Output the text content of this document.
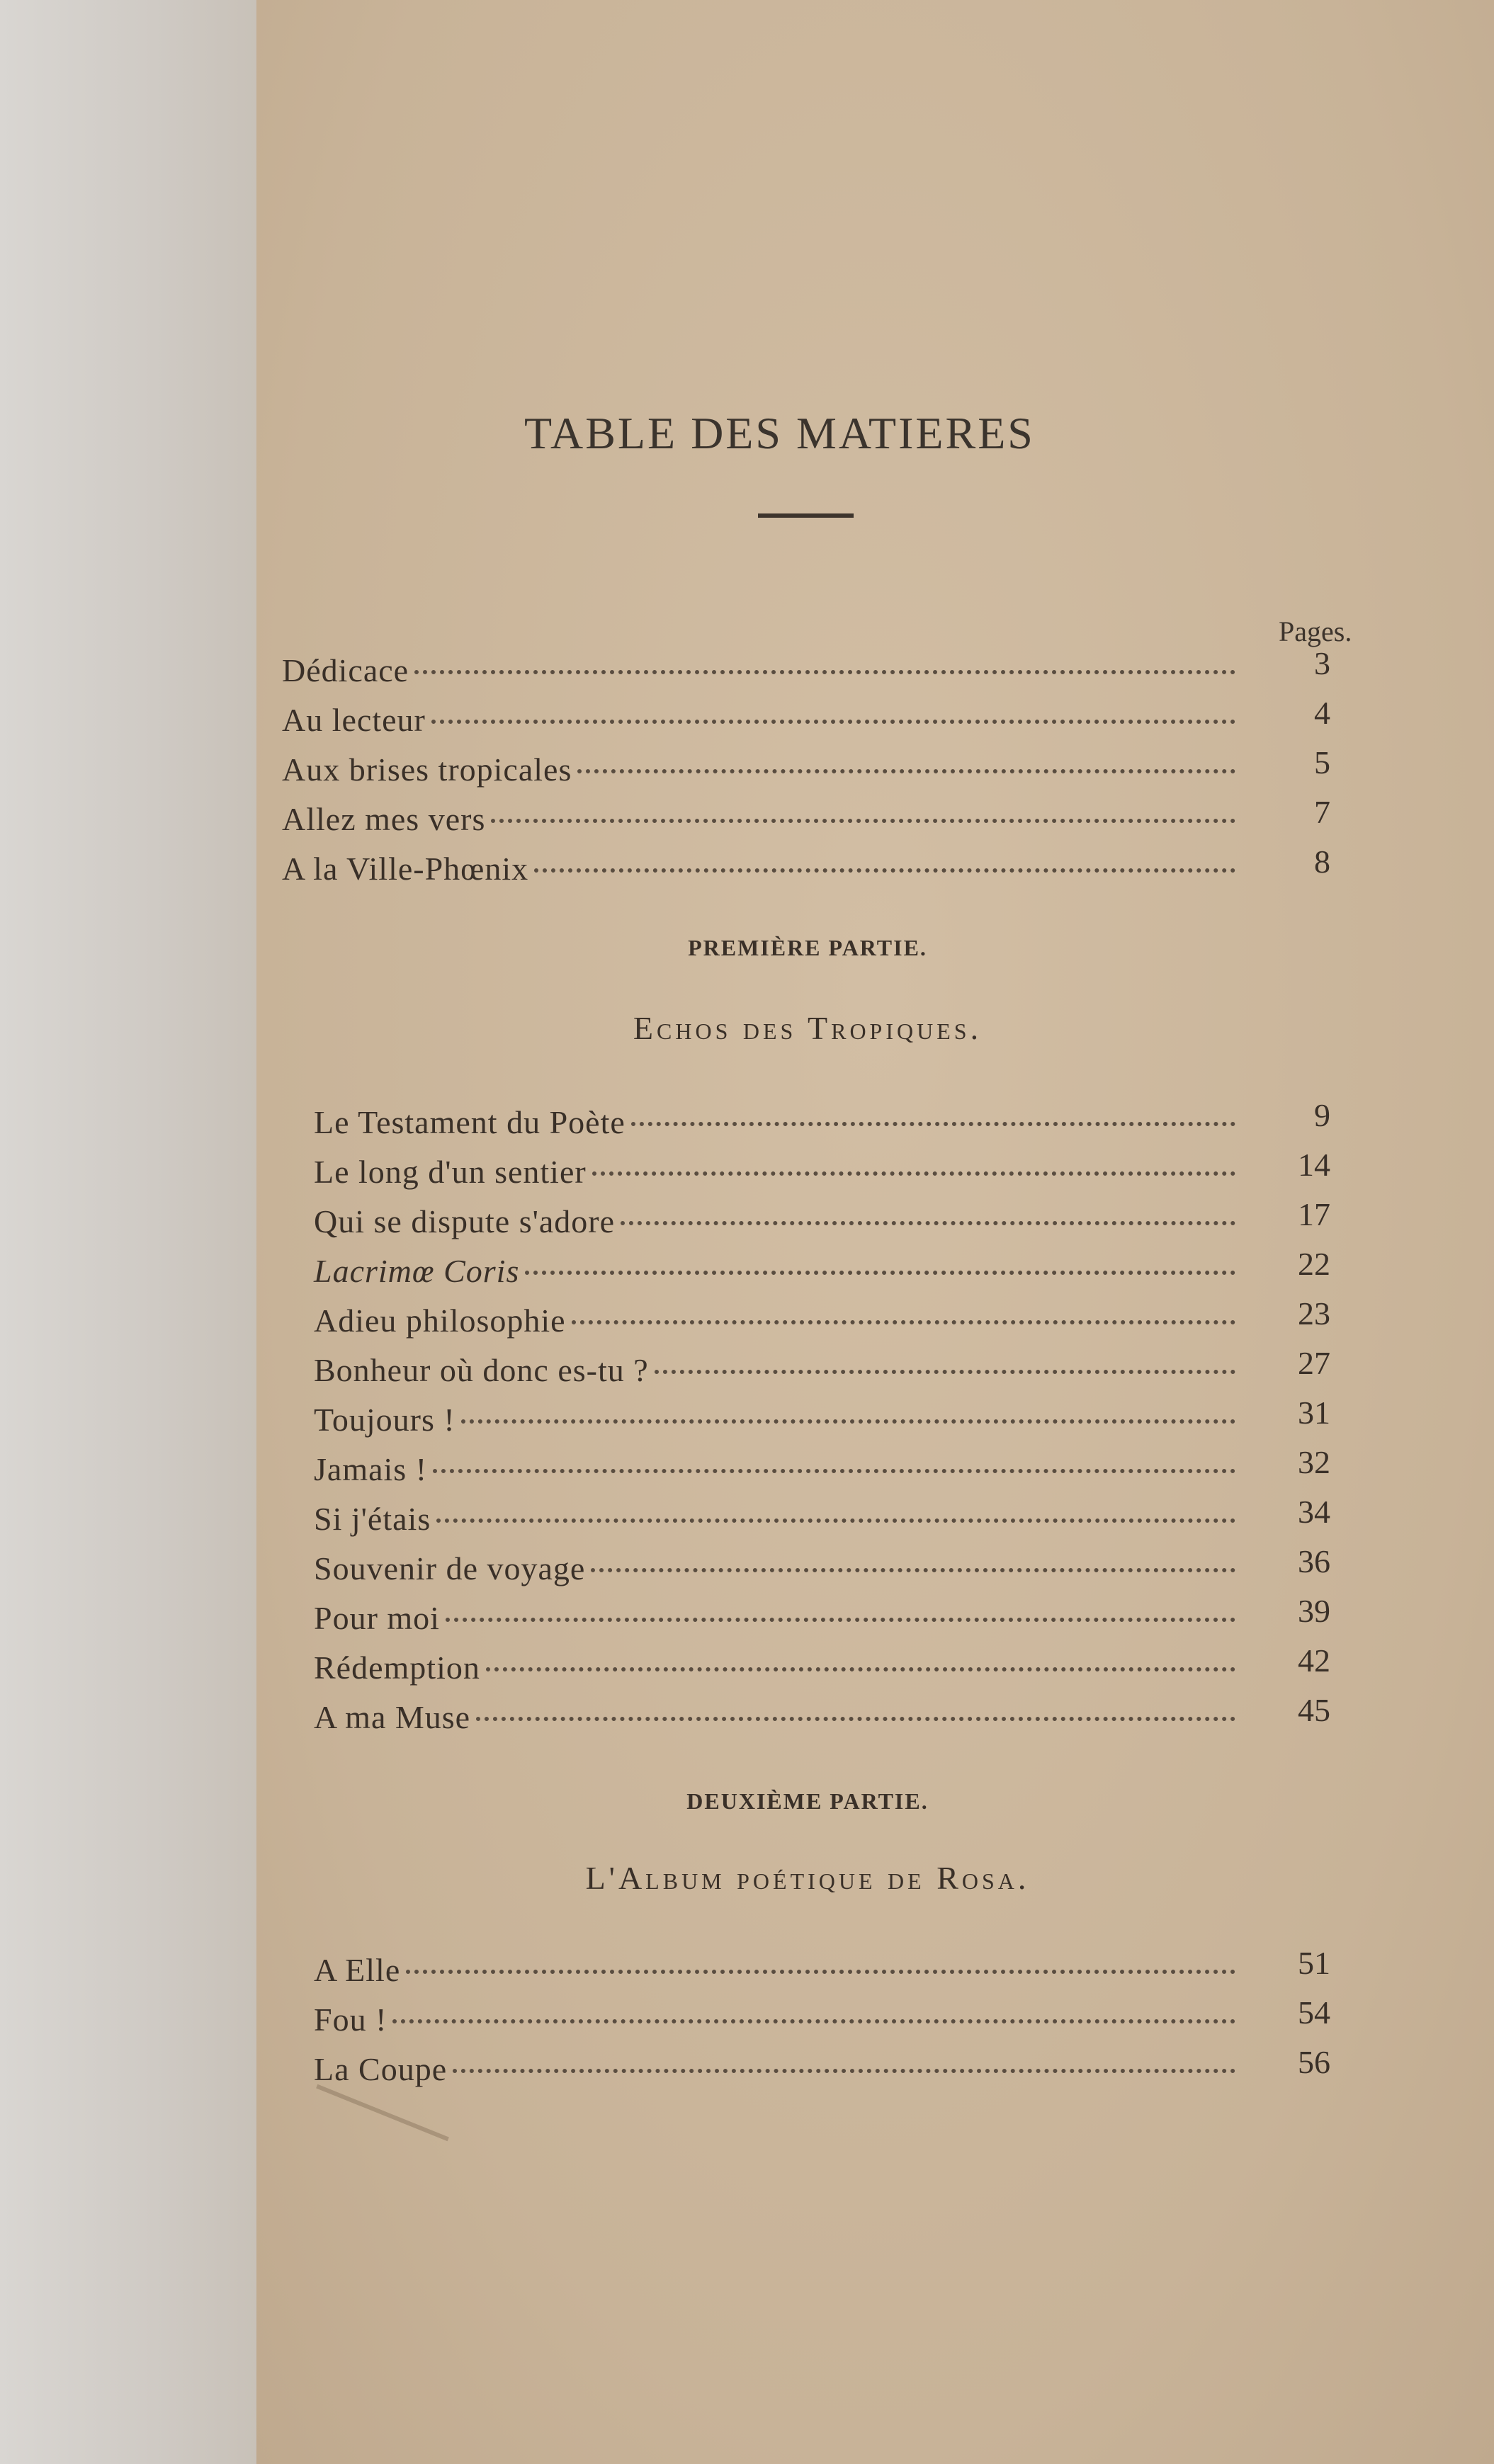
TABLE DES MATIERES
Pages.
Dédicace	3
Au lecteur	4
Aux brises tropicales	5
Allez mes vers	7
A la Ville-Phœnix	8
PREMIÈRE PARTIE.
Echos des Tropiques.
Le Testament du Poète	9
Le long d'un sentier	14
Qui se dispute s'adore	17
Lacrimœ Coris	22
Adieu philosophie	23
Bonheur où donc es-tu ?	27
Toujours !	31
Jamais !	32
Si j'étais	34
Souvenir de voyage	36
Pour moi	39
Rédemption	42
A ma Muse	45
DEUXIÈME PARTIE.
L'Album poétique de Rosa.
A Elle	51
Fou !	54
La Coupe	56
